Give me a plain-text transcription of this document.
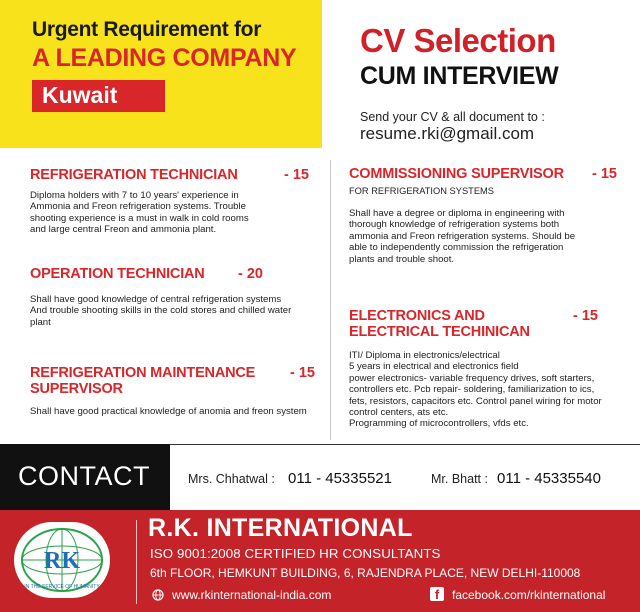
Urgent Requirement for
A LEADING COMPANY
Kuwait
CV Selection
CUM INTERVIEW
Send your CV & all document to :
resume.rki@gmail.com
REFRIGERATION TECHNICIAN	- 15
Diploma holders with 7 to 10 years' experience in
Ammonia and Freon refrigeration systems. Trouble
shooting experience is a must in walk in cold rooms
and large central Freon and ammonia plant.
OPERATION TECHNICIAN - 20
Shall have good knowledge of central refrigeration systems
And trouble shooting skills in the cold stores and chilled water
plant
REFRIGERATION MAINTENANCE - 15
SUPERVISOR
Shall have good practical knowledge of anomia and freon system
COMMISSIONING SUPERVISOR - 15
FOR REFRIGERATION SYSTEMS
Shall have a degree or diploma in engineering with
thorough knowledge of refrigeration systems both
ammonia and Freon refrigeration systems. Should be
able to independently commission the refrigeration
plants and trouble shoot.
ELECTRONICS AND	- 15
ELECTRICAL TECHINICAN
ITI/ Diploma in electronics/electrical
5 years in electrical and electronics field
power electronics- variable frequency drives, soft starters,
controllers etc. Pcb repair- soldering, familiarization to ics,
fets, resistors, capacitors etc. Control panel wiring for motor
control centers, ats etc.
Programming of microcontrollers, vfds etc.
CONTACT	Mrs. Chhatwal : 011 - 45335521	Mr. Bhatt : 011 - 45335540
RK
IN THE SERVICE OF HUMANITY
R.K. INTERNATIONAL
ISO 9001:2008 CERTIFIED HR CONSULTANTS
6th FLOOR, HEMKUNT BUILDING, 6, RAJENDRA PLACE, NEW DELHI-110008
www.rkinternational-india.com	f	facebook.com/rkinternational
